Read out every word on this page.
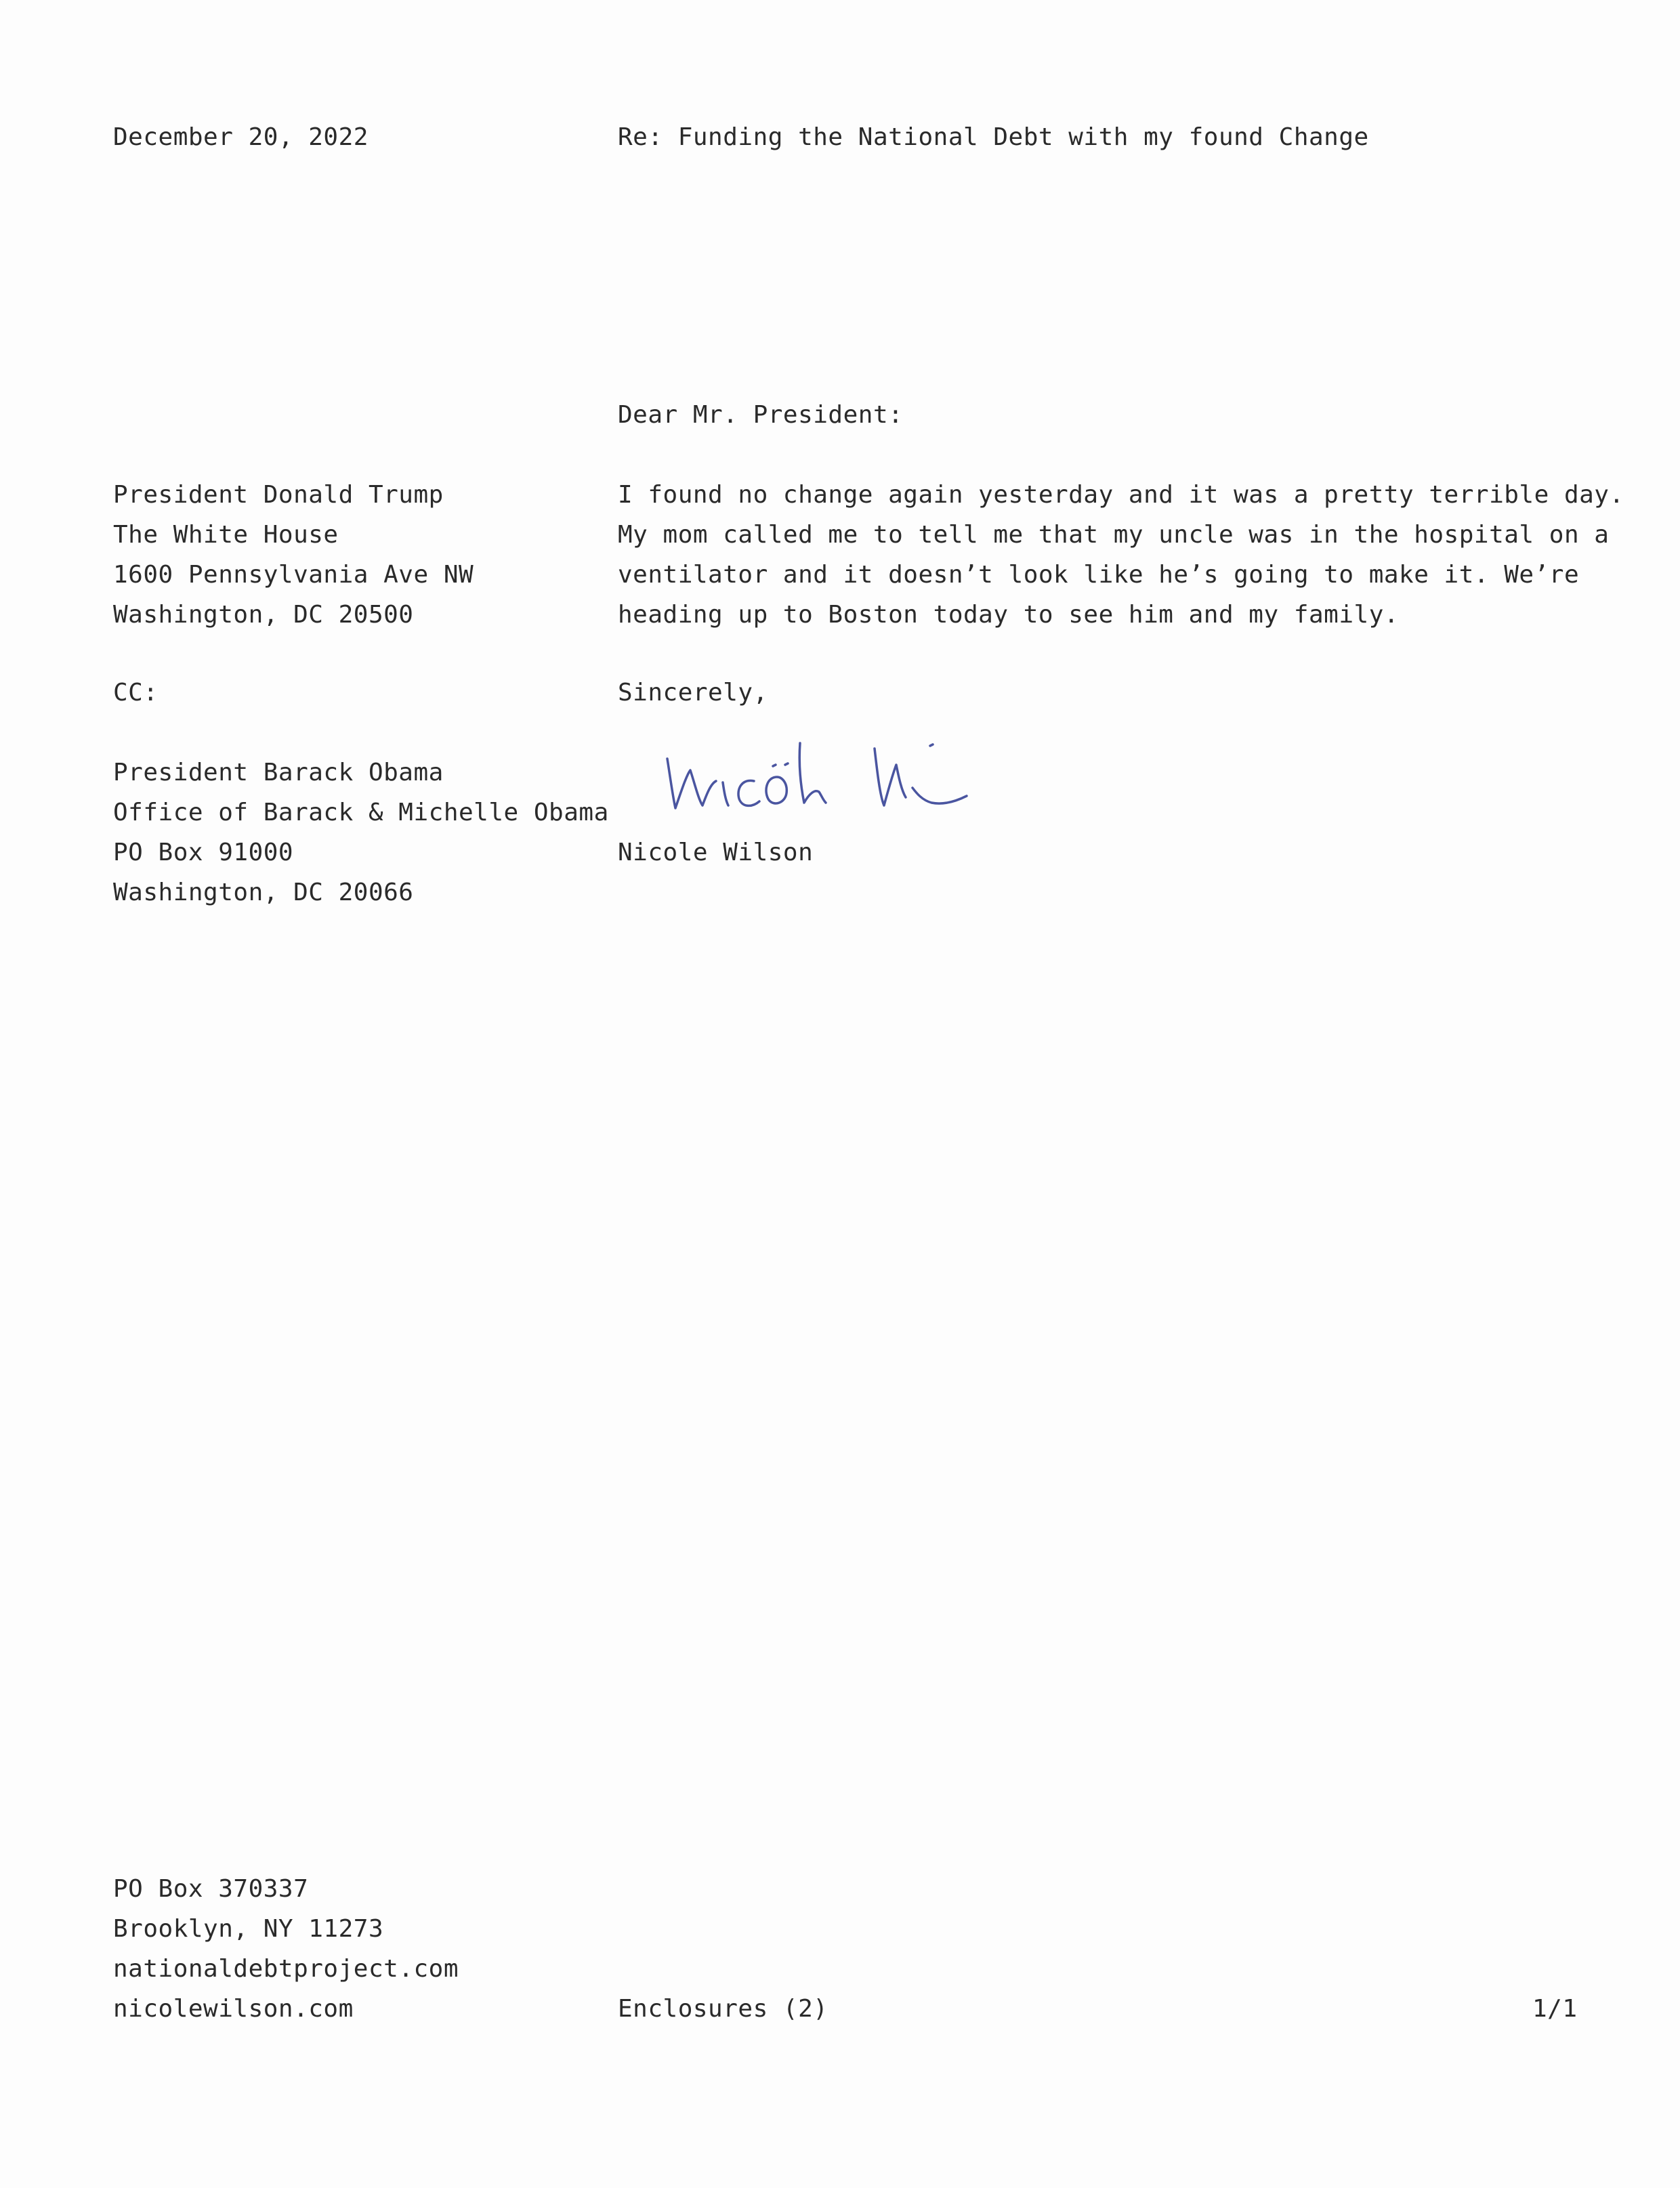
December 20, 2022	Re: Funding the National Debt with my found Change
Dear Mr. President:
President Donald Trump
The White House
1600 Pennsylvania Ave NW
Washington, DC 20500
I found no change again yesterday and it was a pretty terrible day.
My mom called me to tell me that my uncle was in the hospital on a
ventilator and it doesn’t look like he’s going to make it. We’re
heading up to Boston today to see him and my family.
CC:	Sincerely,
President Barack Obama
Office of Barack & Michelle Obama
PO Box 91000
Washington, DC 20066
Nicole Wilson
PO Box 370337
Brooklyn, NY 11273
nationaldebtproject.com
nicolewilson.com	Enclosures (2)	1/1
